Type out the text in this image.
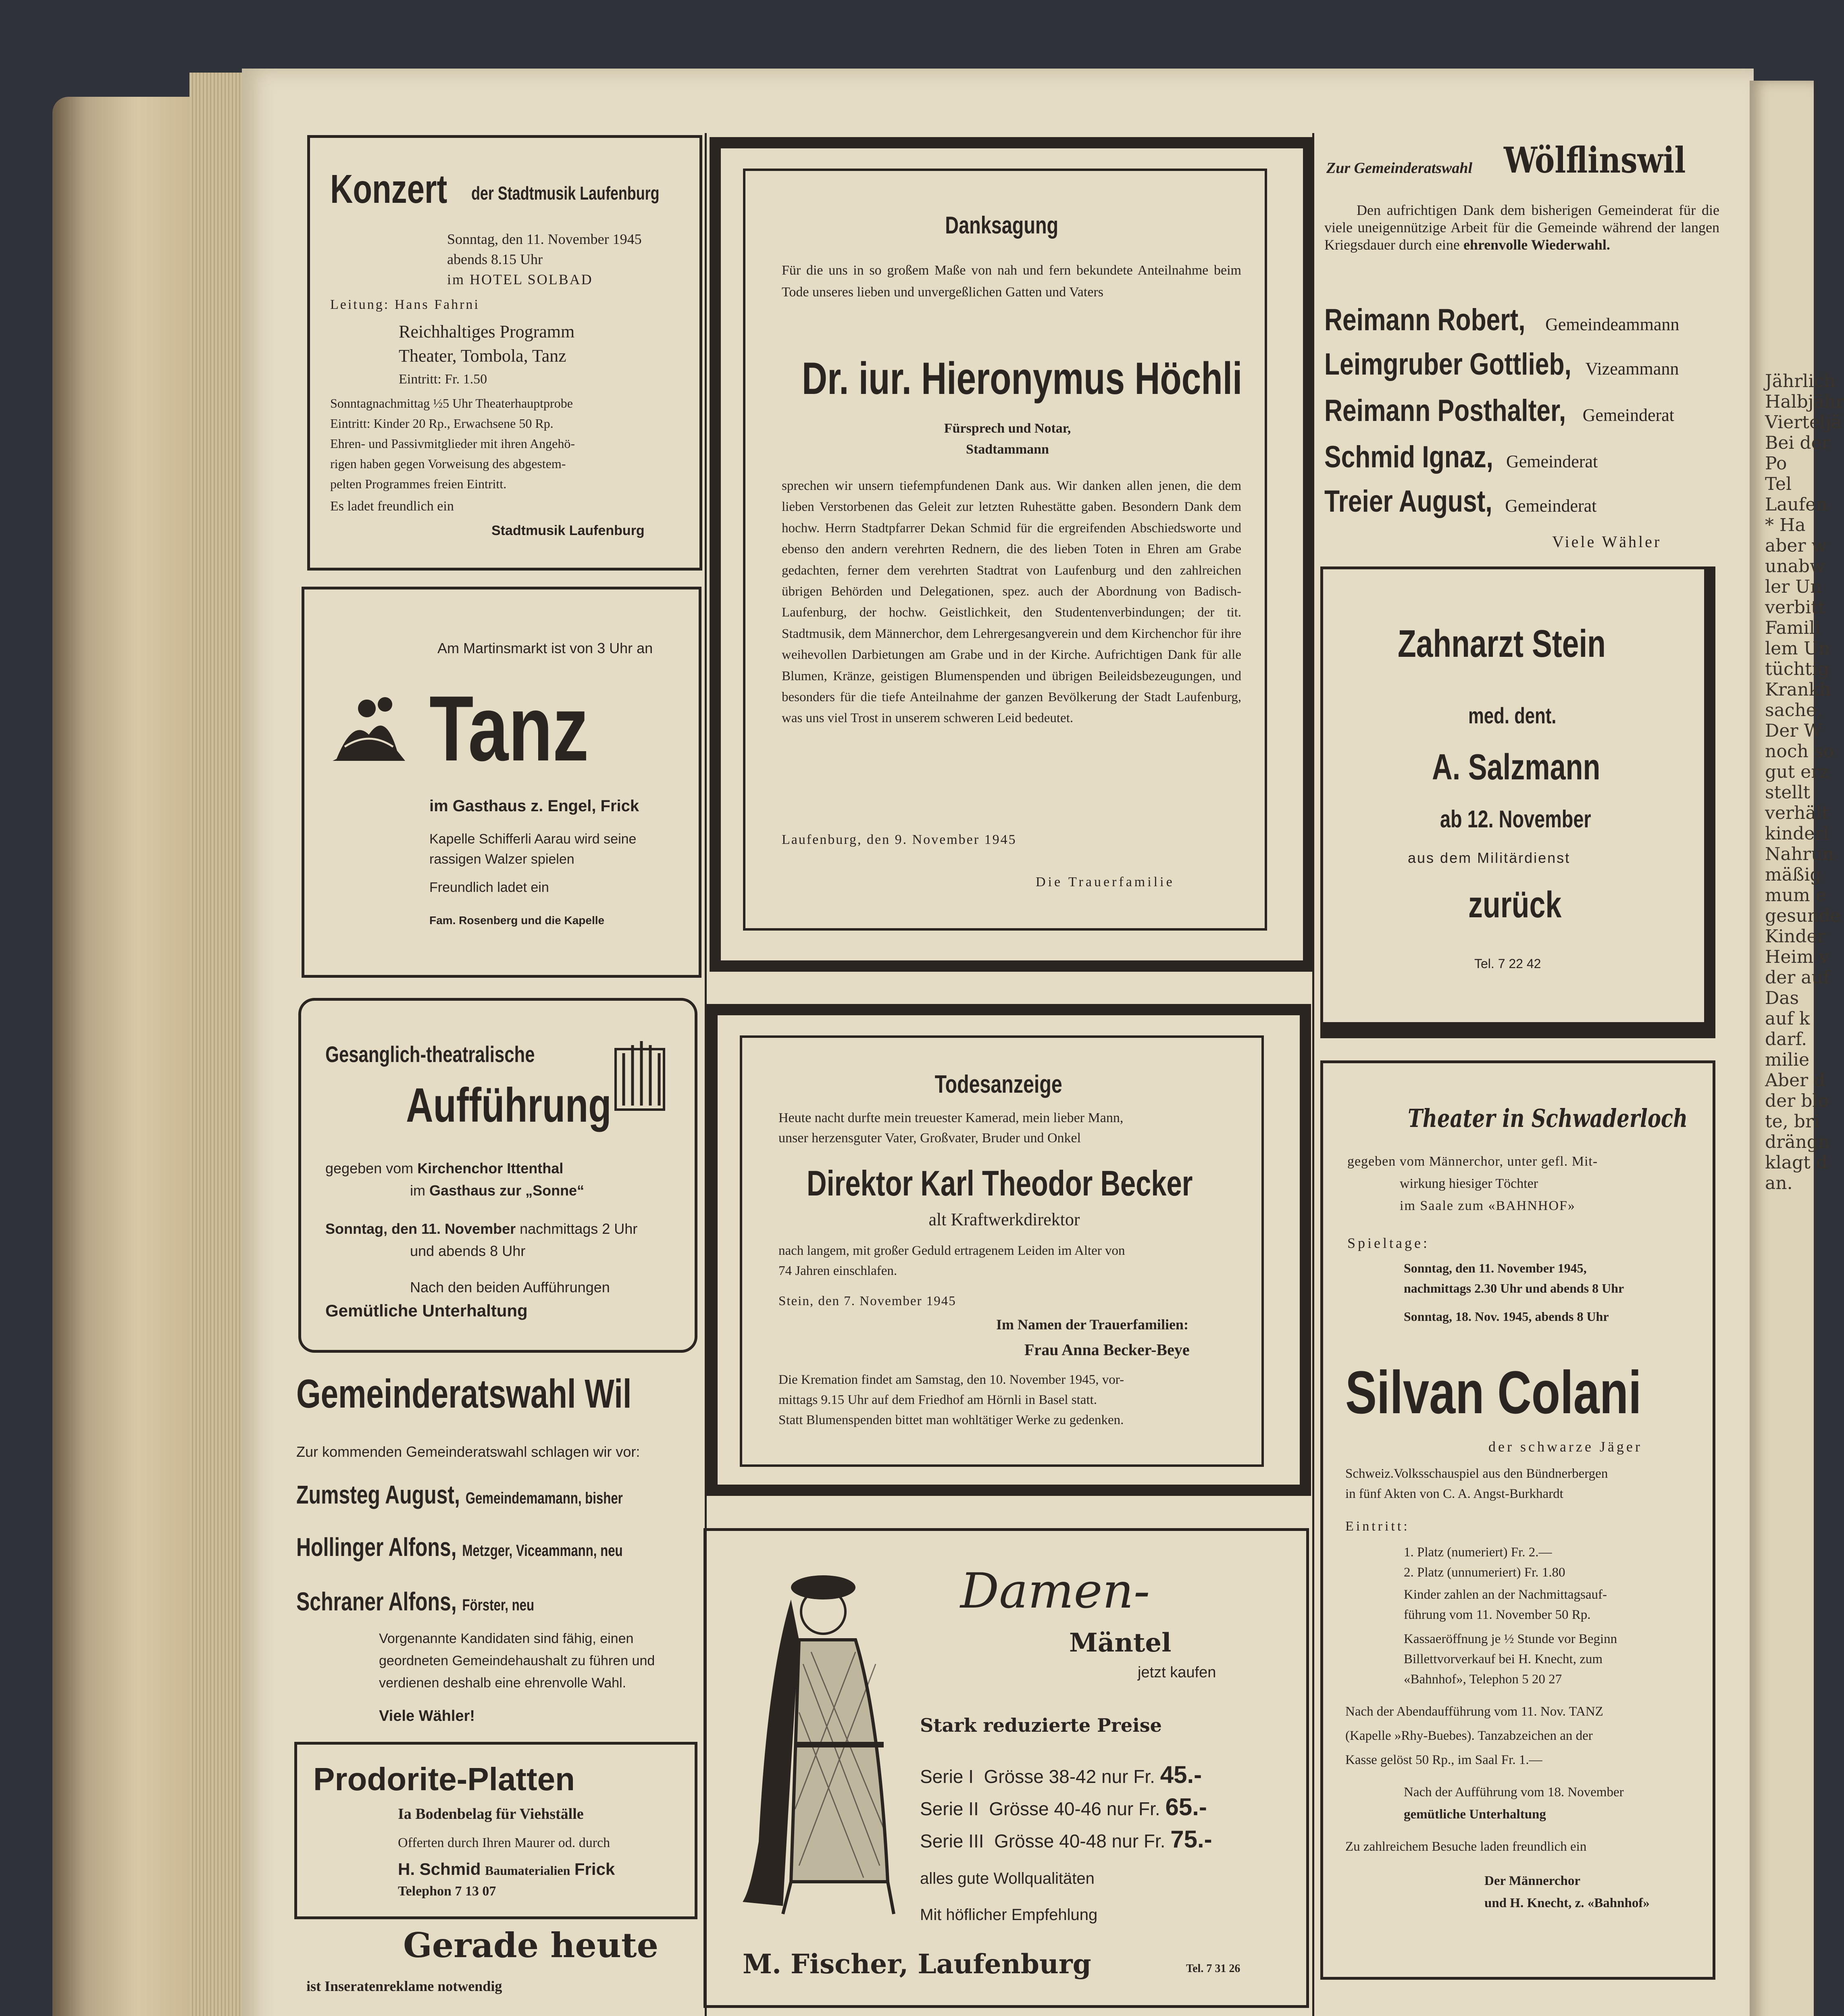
Konzert der Stadtmusik Laufenburg
Sonntag, den 11. November 1945
abends 8.15 Uhr
im HOTEL SOLBAD
Leitung: Hans Fahrni
Reichhaltiges Programm
Theater, Tombola, Tanz
Eintritt: Fr. 1.50
Sonntagnachmittag ½5 Uhr Theaterhauptprobe
Eintritt: Kinder 20 Rp., Erwachsene 50 Rp.
Ehren- und Passivmitglieder mit ihren Angehö-
rigen haben gegen Vorweisung des abgestem-
pelten Programmes freien Eintritt.
Es ladet freundlich ein
Stadtmusik Laufenburg
Am Martinsmarkt ist von 3 Uhr an
Tanz
im Gasthaus z. Engel, Frick
Kapelle Schifferli Aarau wird seine
rassigen Walzer spielen
Freundlich ladet ein
Fam. Rosenberg und die Kapelle
Gesanglich-theatralische
Aufführung
gegeben vom Kirchenchor Ittenthal
im Gasthaus zur „Sonne“
Sonntag, den 11. November nachmittags 2 Uhr
und abends 8 Uhr
Nach den beiden Aufführungen
Gemütliche Unterhaltung
Gemeinderatswahl Wil
Zur kommenden Gemeinderatswahl schlagen wir vor:
Zumsteg August, Gemeindemamann, bisher
Hollinger Alfons, Metzger, Viceammann, neu
Schraner Alfons, Förster, neu
Vorgenannte Kandidaten sind fähig, einen
geordneten Gemeindehaushalt zu führen und
verdienen deshalb eine ehrenvolle Wahl.
Viele Wähler!
Prodorite-Platten
Ia Bodenbelag für Viehställe
Offerten durch Ihren Maurer od. durch
H. Schmid Baumaterialien Frick
Telephon 7 13 07
Gerade heute
ist Inseratenreklame notwendig
Danksagung
Für die uns in so großem Maße von nah und fern bekundete Anteilnahme beim Tode unseres lieben und unvergeßlichen Gatten und Vaters
Dr. iur. Hieronymus Höchli
Fürsprech und Notar,
Stadtammann
sprechen wir unsern tiefempfundenen Dank aus. Wir danken allen jenen, die dem lieben Verstorbenen das Geleit zur letzten Ruhestätte gaben. Besondern Dank dem hochw. Herrn Stadtpfarrer Dekan Schmid für die ergreifenden Abschiedsworte und ebenso den andern verehrten Rednern, die des lieben Toten in Ehren am Grabe gedachten, ferner dem verehrten Stadtrat von Laufenburg und den zahlreichen übrigen Behörden und Delegationen, spez. auch der Abordnung von Badisch-Laufenburg, der hochw. Geistlichkeit, den Studentenverbindungen; der tit. Stadtmusik, dem Männerchor, dem Lehrergesangverein und dem Kirchenchor für ihre weihevollen Darbietungen am Grabe und in der Kirche. Aufrichtigen Dank für alle Blumen, Kränze, geistigen Blumenspenden und übrigen Beileidsbezeugungen, und besonders für die tiefe Anteilnahme der ganzen Bevölkerung der Stadt Laufenburg, was uns viel Trost in unserem schweren Leid bedeutet.
Laufenburg, den 9. November 1945
Die Trauerfamilie
Todesanzeige
Heute nacht durfte mein treuester Kamerad, mein lieber Mann,
unser herzensguter Vater, Großvater, Bruder und Onkel
Direktor Karl Theodor Becker
alt Kraftwerkdirektor
nach langem, mit großer Geduld ertragenem Leiden im Alter von
74 Jahren einschlafen.
Stein, den 7. November 1945
Im Namen der Trauerfamilien:
Frau Anna Becker-Beye
Die Kremation findet am Samstag, den 10. November 1945, vor-
mittags 9.15 Uhr auf dem Friedhof am Hörnli in Basel statt.
Statt Blumenspenden bittet man wohltätiger Werke zu gedenken.
Damen-
Mäntel
jetzt kaufen
Stark reduzierte Preise
Serie I Grösse 38-42 nur Fr. 45.-
Serie II Grösse 40-46 nur Fr. 65.-
Serie III Grösse 40-48 nur Fr. 75.-
alles gute Wollqualitäten
Mit höflicher Empfehlung
M. Fischer, Laufenburg	Tel. 7 31 26
Zur Gemeinderatswahl Wölflinswil
Den aufrichtigen Dank dem bisherigen Gemeinderat für die viele uneigennützige Arbeit für die Gemeinde während der langen Kriegsdauer durch eine ehrenvolle Wiederwahl.
Reimann Robert, Gemeindeammann
Leimgruber Gottlieb, Vizeammann
Reimann Posthalter, Gemeinderat
Schmid Ignaz, Gemeinderat
Treier August, Gemeinderat
Viele Wähler
Zahnarzt Stein
med. dent.
A. Salzmann
ab 12. November
aus dem Militärdienst
zurück
Tel. 7 22 42
Theater in Schwaderloch
gegeben vom Männerchor, unter gefl. Mit-
wirkung hiesiger Töchter
im Saale zum «BAHNHOF»
Spieltage:
Sonntag, den 11. November 1945,
nachmittags 2.30 Uhr und abends 8 Uhr
Sonntag, 18. Nov. 1945, abends 8 Uhr
Silvan Colani
der schwarze Jäger
Schweiz.Volksschauspiel aus den Bündnerbergen
in fünf Akten von C. A. Angst-Burkhardt
Eintritt:
1. Platz (numeriert) Fr. 2.—
2. Platz (unnumeriert) Fr. 1.80
Kinder zahlen an der Nachmittagsauf-
führung vom 11. November 50 Rp.
Kassaeröffnung je ½ Stunde vor Beginn
Billettvorverkauf bei H. Knecht, zum
«Bahnhof», Telephon 5 20 27
Nach der Abendaufführung vom 11. Nov. TANZ
(Kapelle »Rhy-Buebes). Tanzabzeichen an der
Kasse gelöst 50 Rp., im Saal Fr. 1.—
Nach der Aufführung vom 18. November
gemütliche Unterhaltung
Zu zahlreichem Besuche laden freundlich ein
Der Männerchor
und H. Knecht, z. «Bahnhof»
Jährlich
Halbjähr
Vierteljä
Bei der
Po
Tel
Laufen
* Ha
aber w
unabw
ler Un
verbitt
Famili
lem Un
tüchtig
Krankh
sache,
Der W
noch so
gut erz
stellt
verhält
kinderl
Nahrun
mäßig
mum e
gesunde
Kinder
Heim v
der auf
Das
auf k
darf.
milie
Aber d
der blo
te, bri
drängn
klagt d
an.
